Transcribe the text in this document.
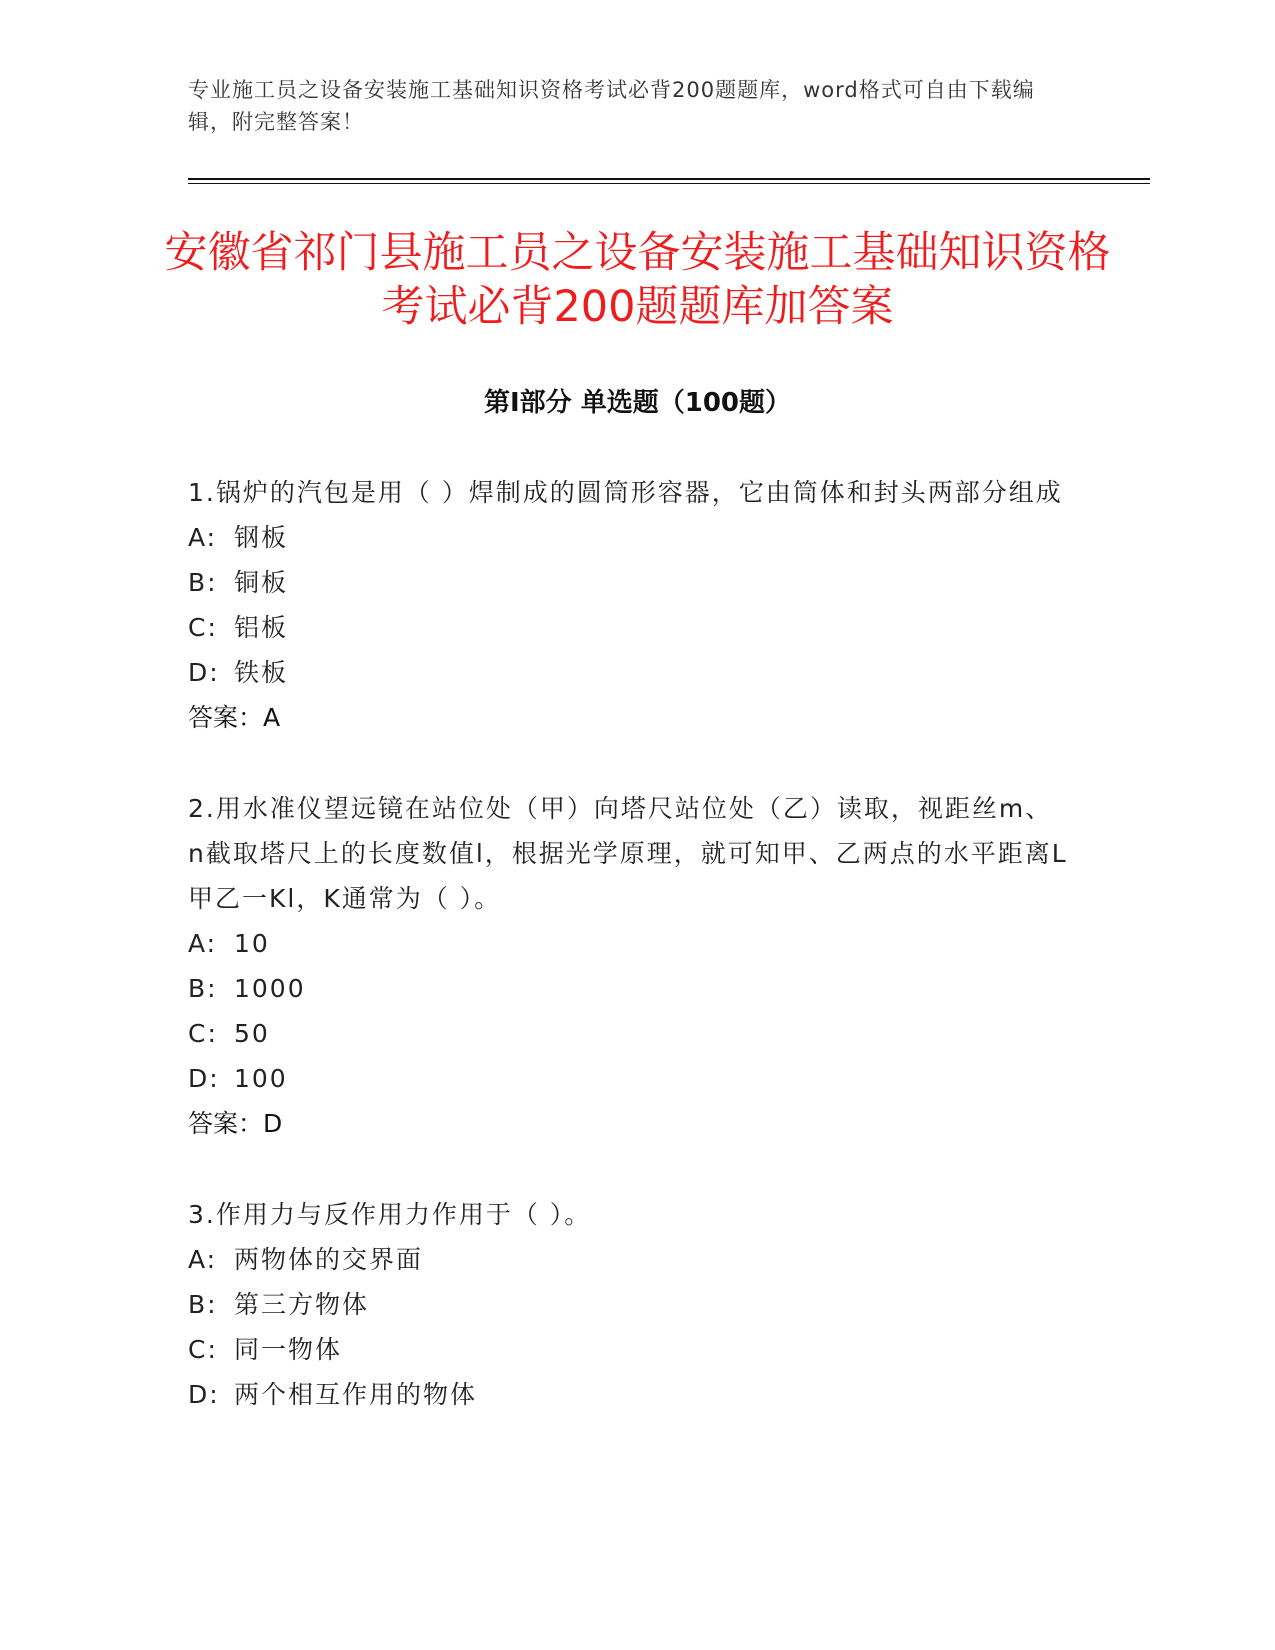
专业施工员之设备安装施工基础知识资格考试必背200题题库，word格式可自由下载编辑，附完整答案！
安徽省祁门县施工员之设备安装施工基础知识资格考试必背200题题库加答案
第Ⅰ部分 单选题（100题）
1.锅炉的汽包是用（ ）焊制成的圆筒形容器，它由筒体和封头两部分组成
A: 钢板
B: 铜板
C: 铝板
D: 铁板
答案：A
2.用水准仪望远镜在站位处（甲）向塔尺站位处（乙）读取，视距丝m、n截取塔尺上的长度数值l，根据光学原理，就可知甲、乙两点的水平距离L甲乙一Kl，K通常为（ ）。
A: 10
B: 1000
C: 50
D: 100
答案：D
3.作用力与反作用力作用于（ ）。
A: 两物体的交界面
B: 第三方物体
C: 同一物体
D: 两个相互作用的物体
